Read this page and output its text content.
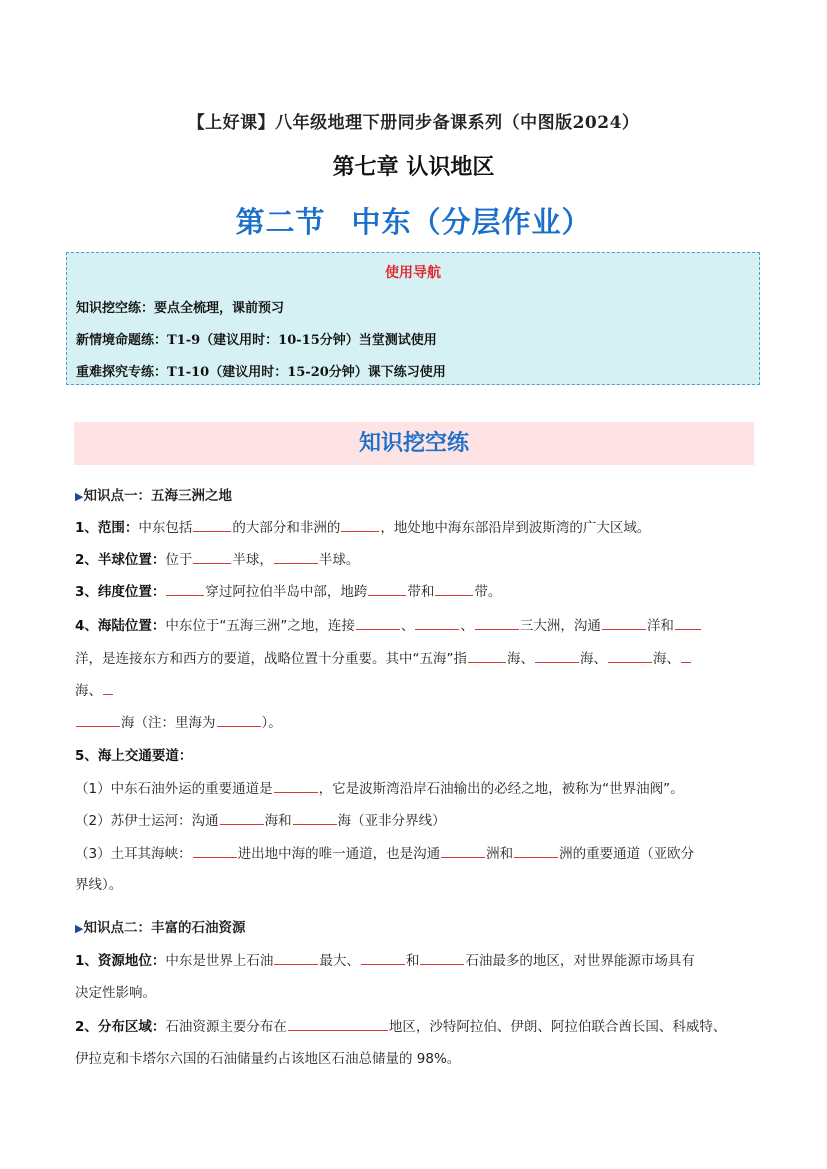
【上好课】八年级地理下册同步备课系列（中图版2024）
第七章 认识地区
第二节 中东（分层作业）
使用导航
知识挖空练：要点全梳理，课前预习
新情境命题练：T1-9（建议用时：10-15分钟）当堂测试使用
重难探究专练：T1-10（建议用时：15-20分钟）课下练习使用
知识挖空练
▶知识点一：五海三洲之地
1、范围：中东包括	的大部分和非洲的	，地处地中海东部沿岸到波斯湾的广大区域。
2、半球位置：位于	半球，	半球。
3、纬度位置：	穿过阿拉伯半岛中部，地跨	带和	带。
4、海陆位置：中东位于“五海三洲”之地，连接	、	、	三大洲，沟通	洋和
洋，是连接东方和西方的要道，战略位置十分重要。其中“五海”指	海、	海、	海、
海、
海（注：里海为	）。
5、海上交通要道：
（1）中东石油外运的重要通道是	，它是波斯湾沿岸石油输出的必经之地，被称为“世界油阀”。
（2）苏伊士运河：沟通	海和	海（亚非分界线）
（3）土耳其海峡：	进出地中海的唯一通道，也是沟通	洲和	洲的重要通道（亚欧分
界线）。
▶知识点二：丰富的石油资源
1、资源地位：中东是世界上石油	最大、	和	石油最多的地区，对世界能源市场具有
决定性影响。
2、分布区域：石油资源主要分布在	地区，沙特阿拉伯、伊朗、阿拉伯联合酋长国、科威特、
伊拉克和卡塔尔六国的石油储量约占该地区石油总储量的 98%。
